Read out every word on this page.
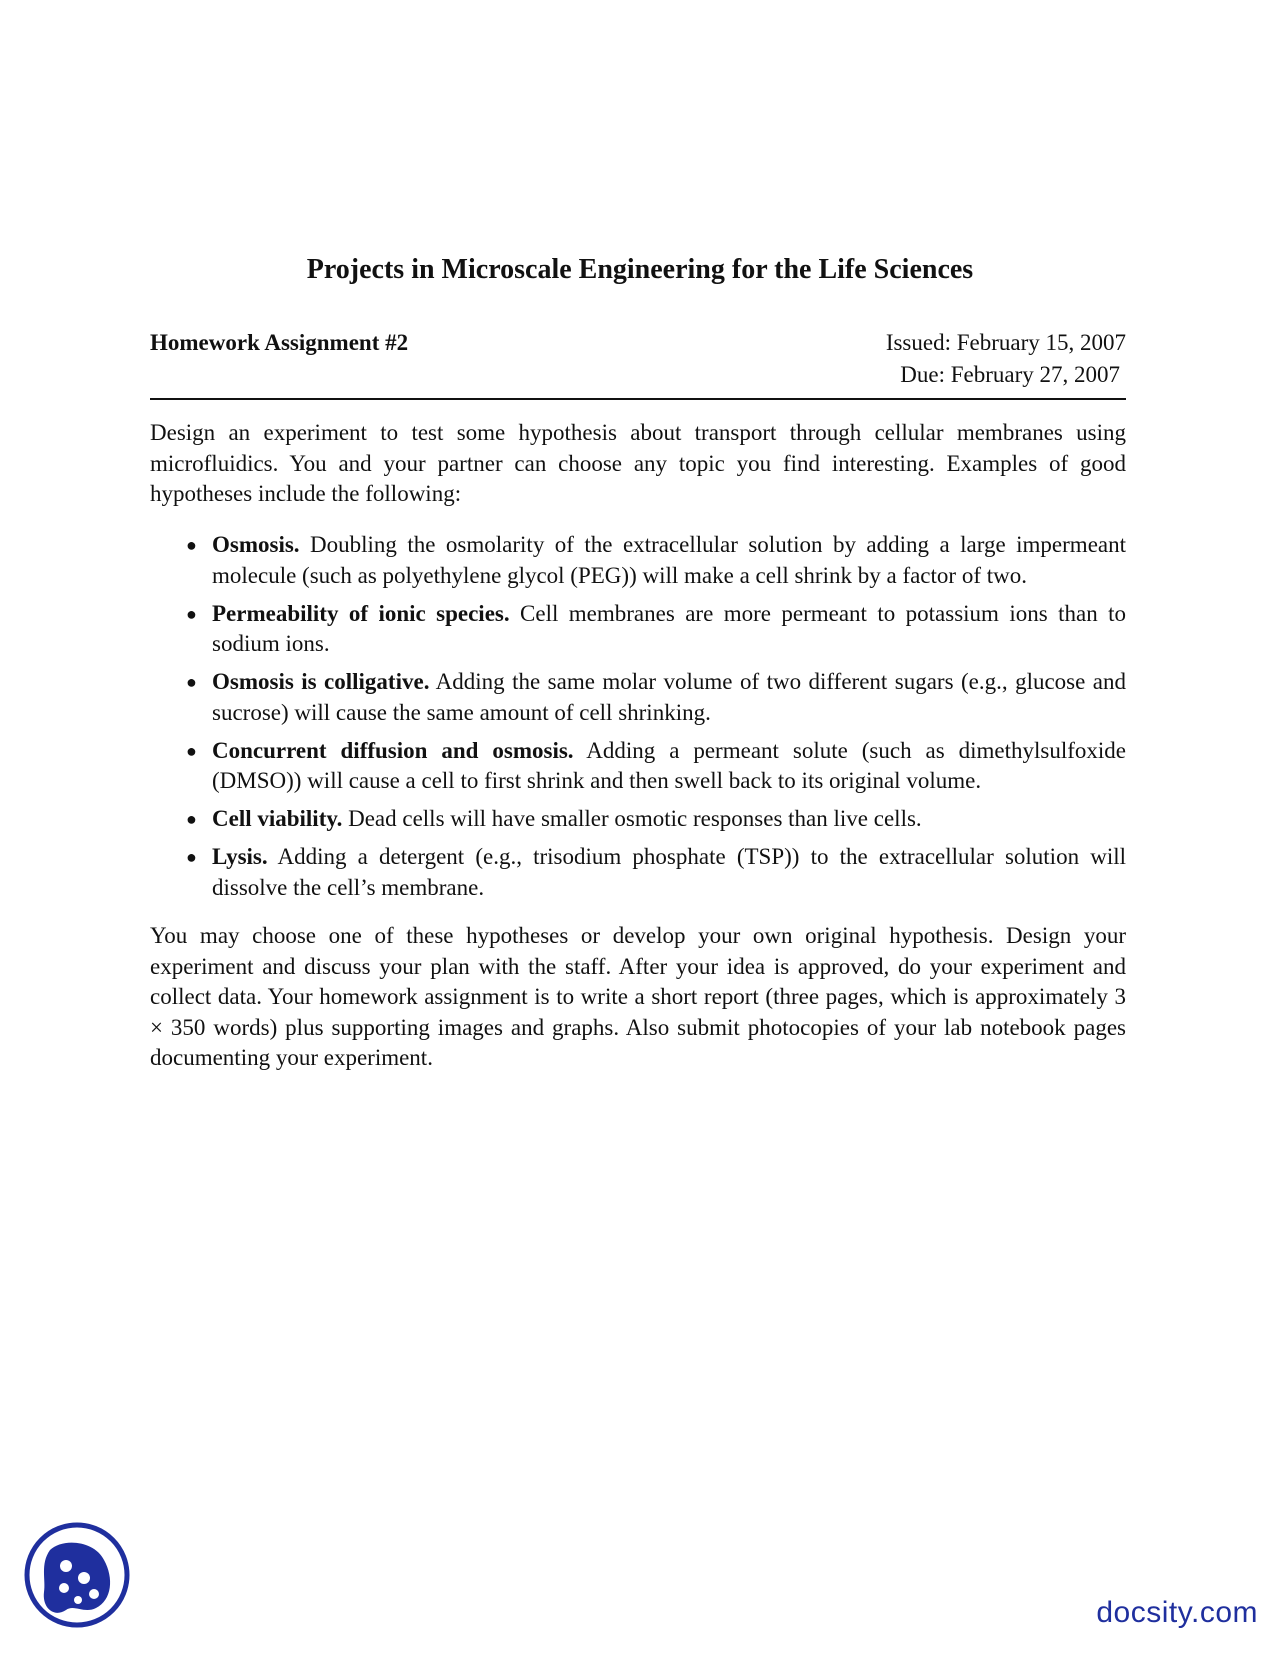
Projects in Microscale Engineering for the Life Sciences
Homework Assignment #2	Issued: February 15, 2007
Due: February 27, 2007

Design an experiment to test some hypothesis about transport through cellular membranes using microfluidics. You and your partner can choose any topic you find interesting. Examples of good hypotheses include the following:

● Osmosis. Doubling the osmolarity of the extracellular solution by adding a large impermeant molecule (such as polyethylene glycol (PEG)) will make a cell shrink by a factor of two.
● Permeability of ionic species. Cell membranes are more permeant to potassium ions than to sodium ions.
● Osmosis is colligative. Adding the same molar volume of two different sugars (e.g., glucose and sucrose) will cause the same amount of cell shrinking.
● Concurrent diffusion and osmosis. Adding a permeant solute (such as dimethylsulfoxide (DMSO)) will cause a cell to first shrink and then swell back to its original volume.
● Cell viability. Dead cells will have smaller osmotic responses than live cells.
● Lysis. Adding a detergent (e.g., trisodium phosphate (TSP)) to the extracellular solution will dissolve the cell’s membrane.

You may choose one of these hypotheses or develop your own original hypothesis. Design your experiment and discuss your plan with the staff. After your idea is approved, do your experiment and collect data. Your homework assignment is to write a short report (three pages, which is approximately 3 × 350 words) plus supporting images and graphs. Also submit photocopies of your lab notebook pages documenting your experiment.

docsity.com
